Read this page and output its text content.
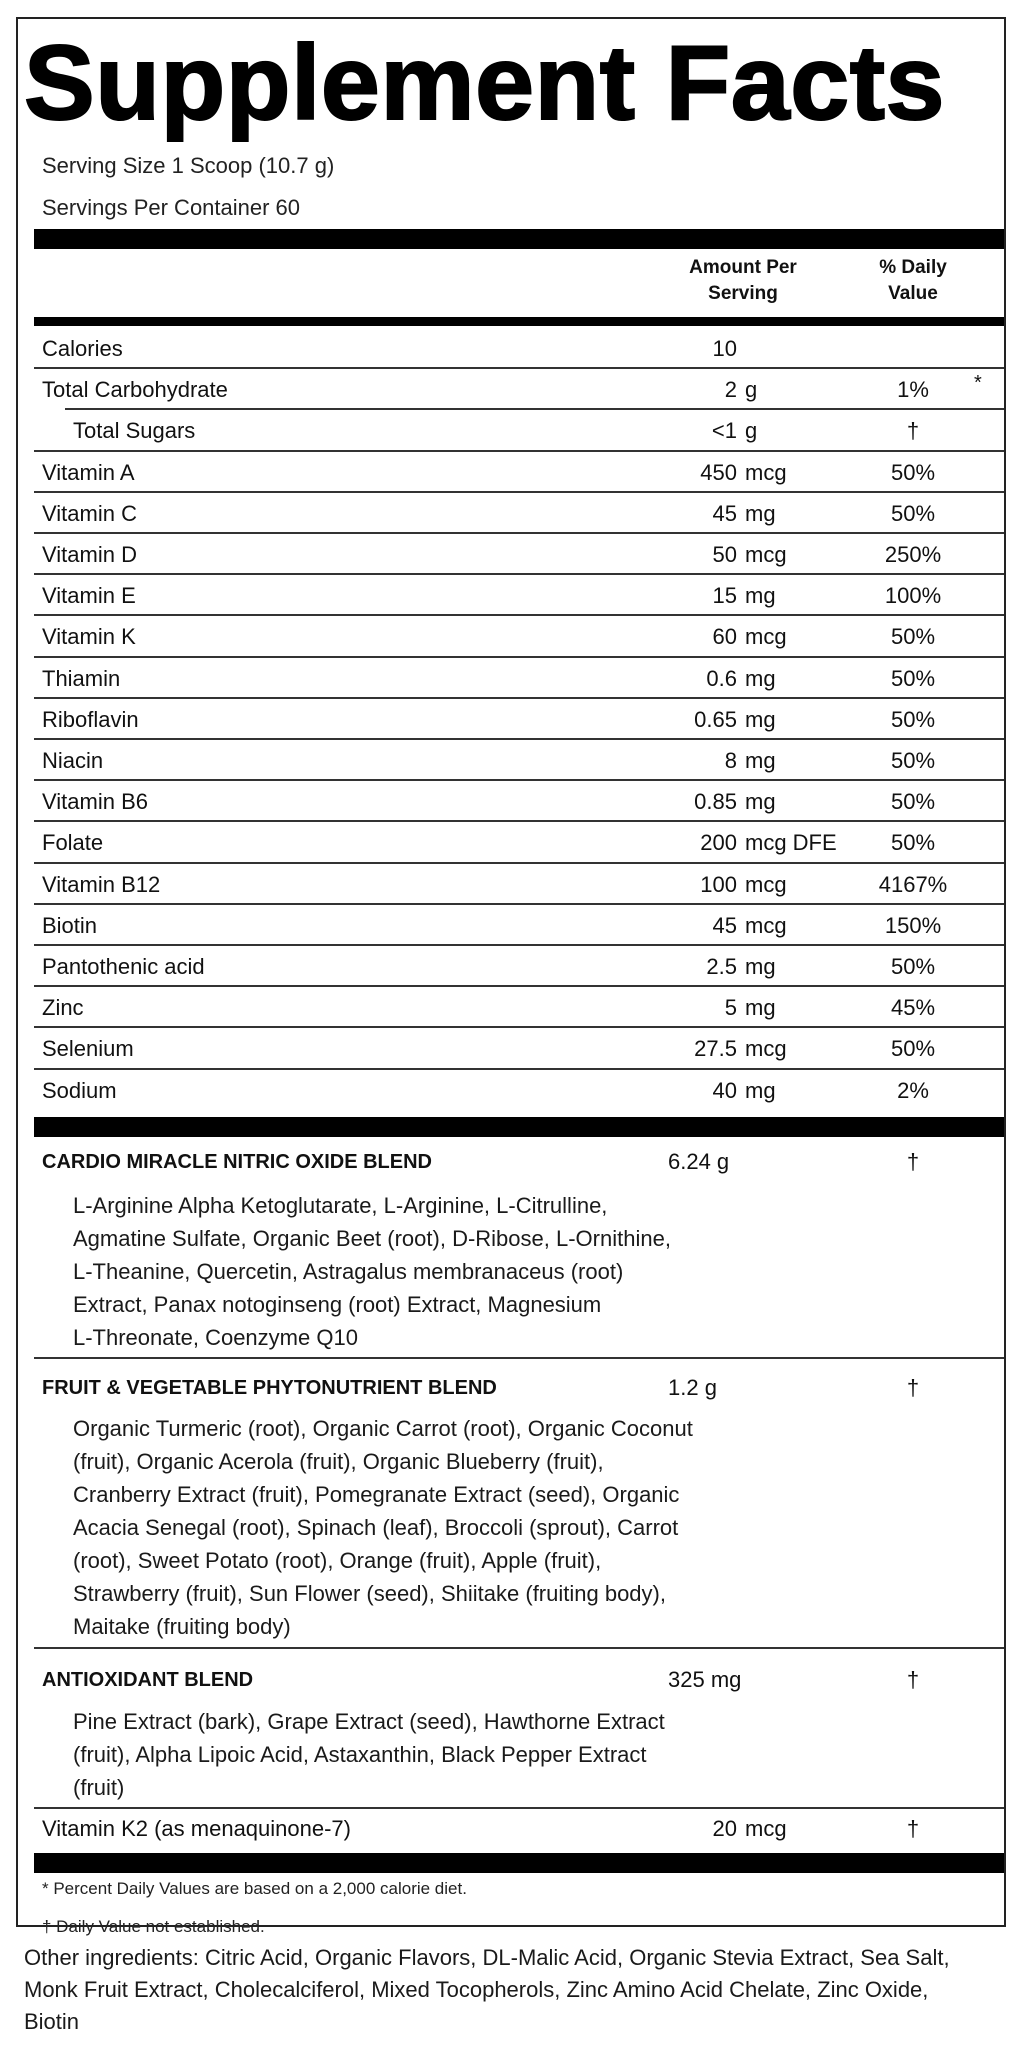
Supplement Facts
Serving Size 1 Scoop (10.7 g)
Servings Per Container 60
Amount Per
Serving
% Daily
Value
Calories	10
Total Carbohydrate	2 g	1%	*
Total Sugars	<1 g	†
Vitamin A	450 mcg	50%
Vitamin C	45 mg	50%
Vitamin D	50 mcg	250%
Vitamin E	15 mg	100%
Vitamin K	60 mcg	50%
Thiamin	0.6 mg	50%
Riboflavin	0.65 mg	50%
Niacin	8 mg	50%
Vitamin B6	0.85 mg	50%
Folate	200 mcg DFE	50%
Vitamin B12	100 mcg	4167%
Biotin	45 mcg	150%
Pantothenic acid	2.5 mg	50%
Zinc	5 mg	45%
Selenium	27.5 mcg	50%
Sodium	40 mg	2%
CARDIO MIRACLE NITRIC OXIDE BLEND	6.24 g	†
L-Arginine Alpha Ketoglutarate, L-Arginine, L-Citrulline,
Agmatine Sulfate, Organic Beet (root), D-Ribose, L-Ornithine,
L-Theanine, Quercetin, Astragalus membranaceus (root)
Extract, Panax notoginseng (root) Extract, Magnesium
L-Threonate, Coenzyme Q10
FRUIT & VEGETABLE PHYTONUTRIENT BLEND	1.2 g	†
Organic Turmeric (root), Organic Carrot (root), Organic Coconut
(fruit), Organic Acerola (fruit), Organic Blueberry (fruit),
Cranberry Extract (fruit), Pomegranate Extract (seed), Organic
Acacia Senegal (root), Spinach (leaf), Broccoli (sprout), Carrot
(root), Sweet Potato (root), Orange (fruit), Apple (fruit),
Strawberry (fruit), Sun Flower (seed), Shiitake (fruiting body),
Maitake (fruiting body)
ANTIOXIDANT BLEND	325 mg	†
Pine Extract (bark), Grape Extract (seed), Hawthorne Extract
(fruit), Alpha Lipoic Acid, Astaxanthin, Black Pepper Extract
(fruit)
Vitamin K2 (as menaquinone-7)	20 mcg	†
* Percent Daily Values are based on a 2,000 calorie diet.
† Daily Value not established.
Other ingredients: Citric Acid, Organic Flavors, DL-Malic Acid, Organic Stevia Extract, Sea Salt, Monk Fruit Extract, Cholecalciferol, Mixed Tocopherols, Zinc Amino Acid Chelate, Zinc Oxide, Biotin
